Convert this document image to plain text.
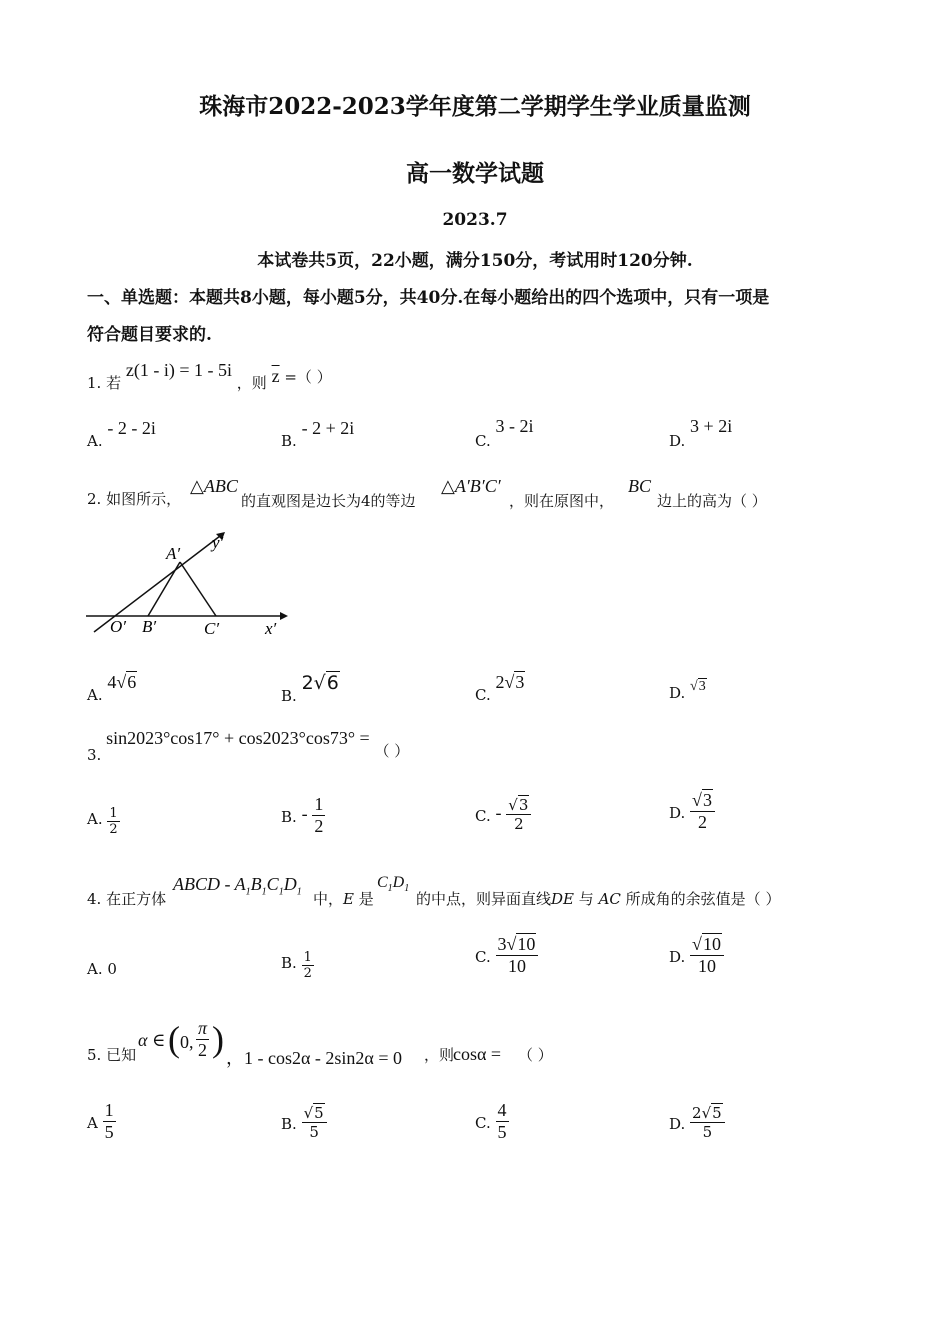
珠海市2022-2023学年度第二学期学生学业质量监测
高一数学试题
2023.7
本试卷共5页，22小题，满分150分，考试用时120分钟.
一、单选题：本题共8小题，每小题5分，共40分.在每小题给出的四个选项中，只有一项是
符合题目要求的.
1. 若 z(1 - i) = 1 - 5i ，则 $\overline{z}$ =（ ）
A. - 2 - 2i
B. - 2 + 2i
C. 3 - 2i
D. 3 + 2i
2. 如图所示，
△ABC
的直观图是边长为4的等边
△A′B′C′
，则在原图中，
BC
边上的高为（ ）
A′
O′ B′	C′	x′
y′
A. 4√6
B. 2√6
C. 2√3
D. √3
3. sin2023°cos17° + cos2023°cos73° = （ ）
A. $\frac{1}{2}$	B. - $\frac{1}{2}$	C. - $\frac{√3}{2}$	D. $\frac{√3}{2}$
4. 在正方体
ABCD - $A_1B_1C_1D_1$ 中，E 是
$C_1D_1$
的中点，则异面直线DE 与 AC 所成角的余弦值是（ ）
A. 0	B. $\frac{1}{2}$	C. $\frac{3√10}{10}$	D. $\frac{√10}{10}$
5. 已知
α ∈ ( 0, $\frac{\pi}{2}$ ) ，1 - cos2α - 2sin2α = 0 ，则
cosα = （ ）
A $\frac{1}{5}$	B. $\frac{√5}{5}$	C. $\frac{4}{5}$	D. $\frac{2√5}{5}$
